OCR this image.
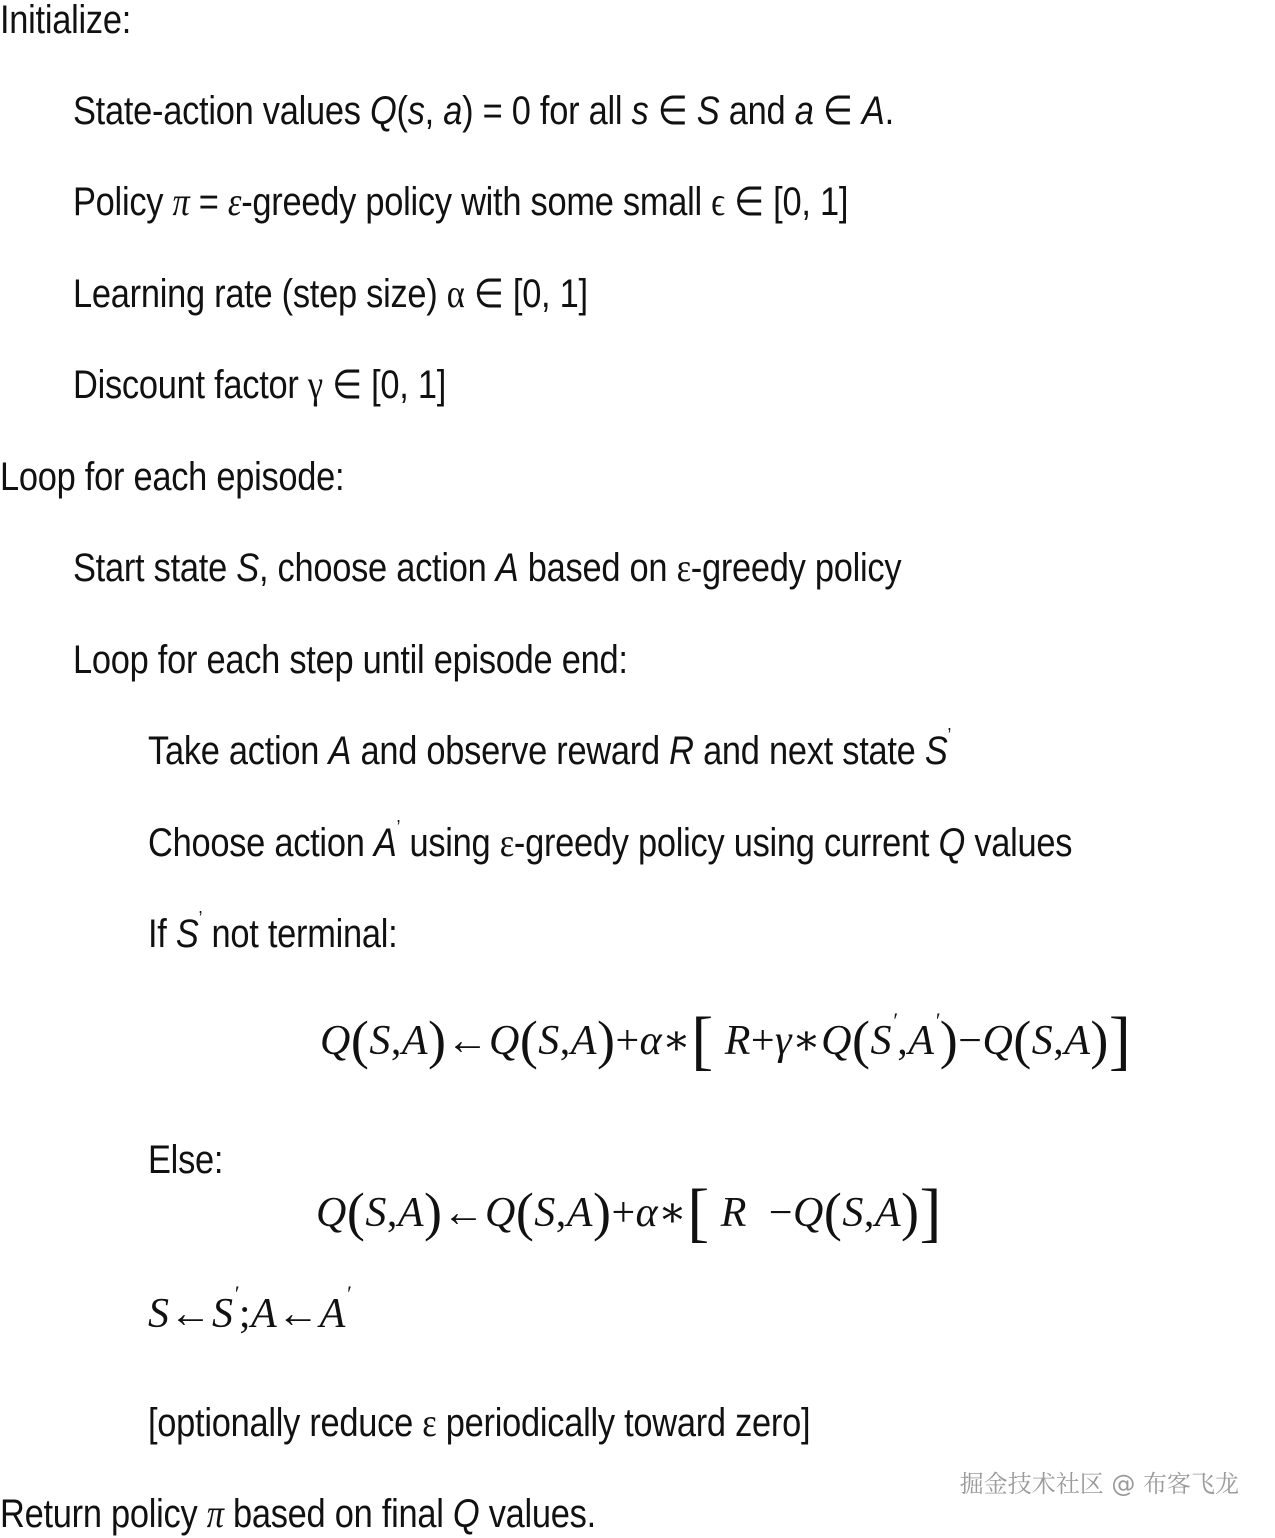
Initialize:
State-action values Q(s, a) = 0 for all s ∈ S and a ∈ A.
Policy π = ε-greedy policy with some small ϵ ∈ [0, 1]
Learning rate (step size) α ∈ [0, 1]
Discount factor γ ∈ [0, 1]
Loop for each episode:
Start state S, choose action A based on ε-greedy policy
Loop for each step until episode end:
Take action A and observe reward R and next state S’
Choose action A’ using ε-greedy policy using current Q values
If S’ not terminal:
Q(S,A)←Q(S,A)+α∗[ R+γ∗Q(S′,A′)−Q(S,A)]
Else:
Q(S,A)←Q(S,A)+α∗[ R −Q(S,A)]
S←S′;A←A′
[optionally reduce ε periodically toward zero]
Return policy π based on final Q values.
掘金技术社区 @ 布客飞龙
